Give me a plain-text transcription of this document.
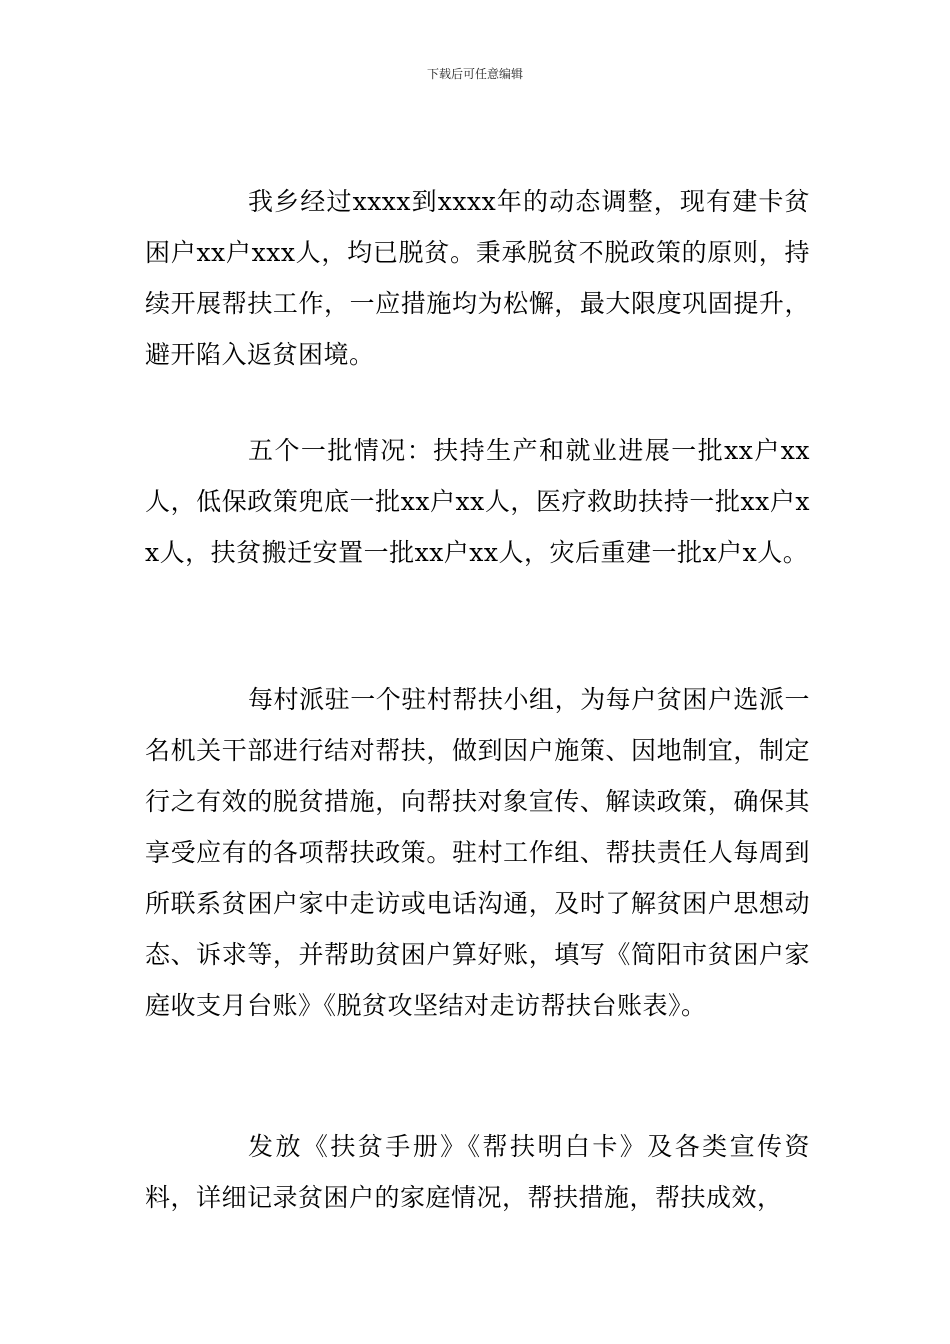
下载后可任意编辑

我乡经过xxxx到xxxx年的动态调整，现有建卡贫困户xx户xxx人，均已脱贫。秉承脱贫不脱政策的原则，持续开展帮扶工作，一应措施均为松懈，最大限度巩固提升，避开陷入返贫困境。

五个一批情况：扶持生产和就业进展一批xx户xx人，低保政策兜底一批xx户xx人，医疗救助扶持一批xx户xx人，扶贫搬迁安置一批xx户xx人，灾后重建一批x户x人。

每村派驻一个驻村帮扶小组，为每户贫困户选派一名机关干部进行结对帮扶，做到因户施策、因地制宜，制定行之有效的脱贫措施，向帮扶对象宣传、解读政策，确保其享受应有的各项帮扶政策。驻村工作组、帮扶责任人每周到所联系贫困户家中走访或电话沟通，及时了解贫困户思想动态、诉求等，并帮助贫困户算好账，填写《简阳市贫困户家庭收支月台账》《脱贫攻坚结对走访帮扶台账表》。

发放《扶贫手册》《帮扶明白卡》及各类宣传资料，详细记录贫困户的家庭情况，帮扶措施，帮扶成效，
